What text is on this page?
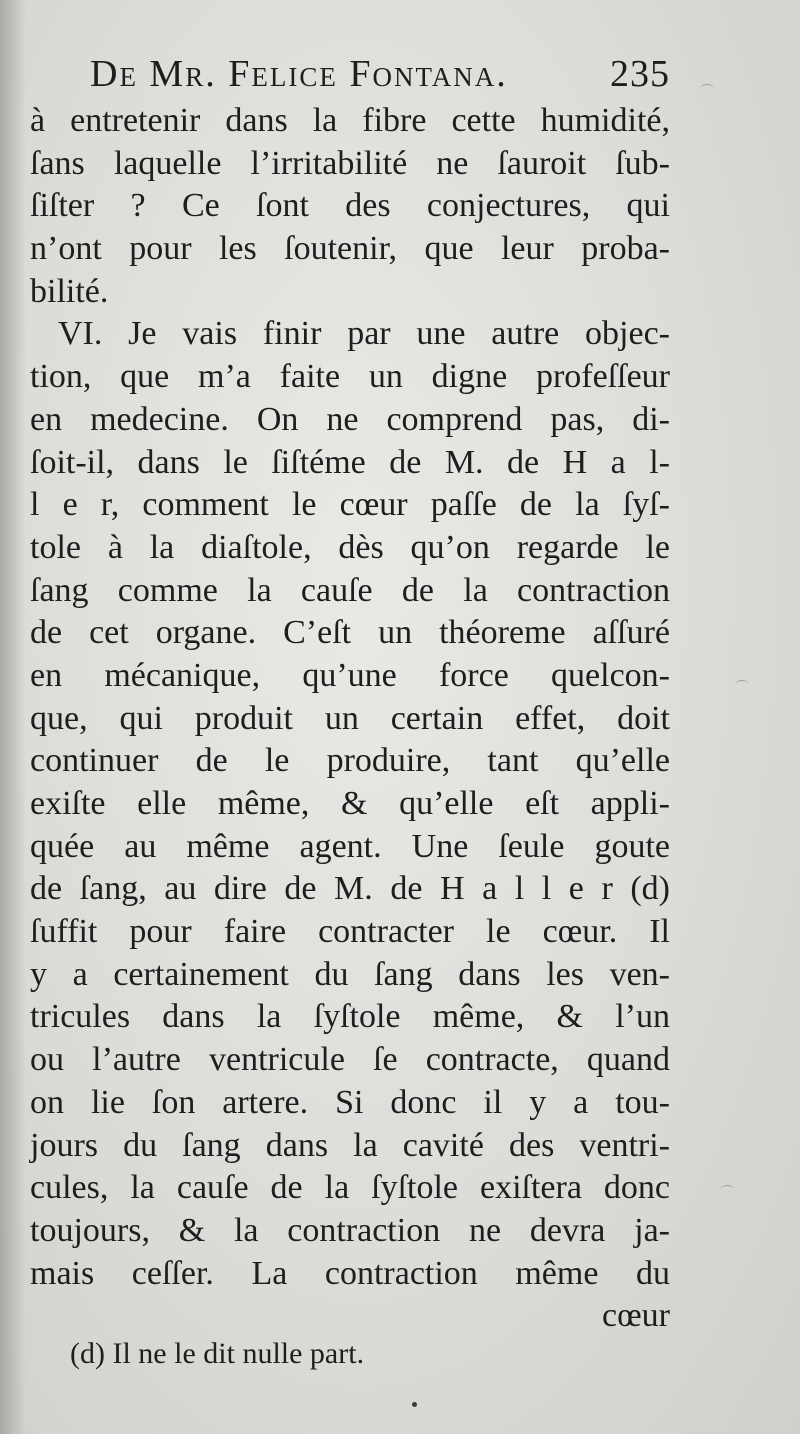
De Mr. Felice Fontana.	235
à entretenir dans la fibre cette humidité,
ſans laquelle l’irritabilité ne ſauroit ſub-
ſiſter ? Ce ſont des conjectures, qui
n’ont pour les ſoutenir, que leur proba-
bilité.
VI. Je vais finir par une autre objec-
tion, que m’a faite un digne profeſſeur
en medecine. On ne comprend pas, di-
ſoit-il, dans le ſiſtéme de M. de H a l-
l e r, comment le cœur paſſe de la ſyſ-
tole à la diaſtole, dès qu’on regarde le
ſang comme la cauſe de la contraction
de cet organe. C’eſt un théoreme aſſuré
en mécanique, qu’une force quelcon-
que, qui produit un certain effet, doit
continuer de le produire, tant qu’elle
exiſte elle même, & qu’elle eſt appli-
quée au même agent. Une ſeule goute
de ſang, au dire de M. de H a l l e r (d)
ſuffit pour faire contracter le cœur. Il
y a certainement du ſang dans les ven-
tricules dans la ſyſtole même, & l’un
ou l’autre ventricule ſe contracte, quand
on lie ſon artere. Si donc il y a tou-
jours du ſang dans la cavité des ventri-
cules, la cauſe de la ſyſtole exiſtera donc
toujours, & la contraction ne devra ja-
mais ceſſer. La contraction même du
cœur
(d) Il ne le dit nulle part.
